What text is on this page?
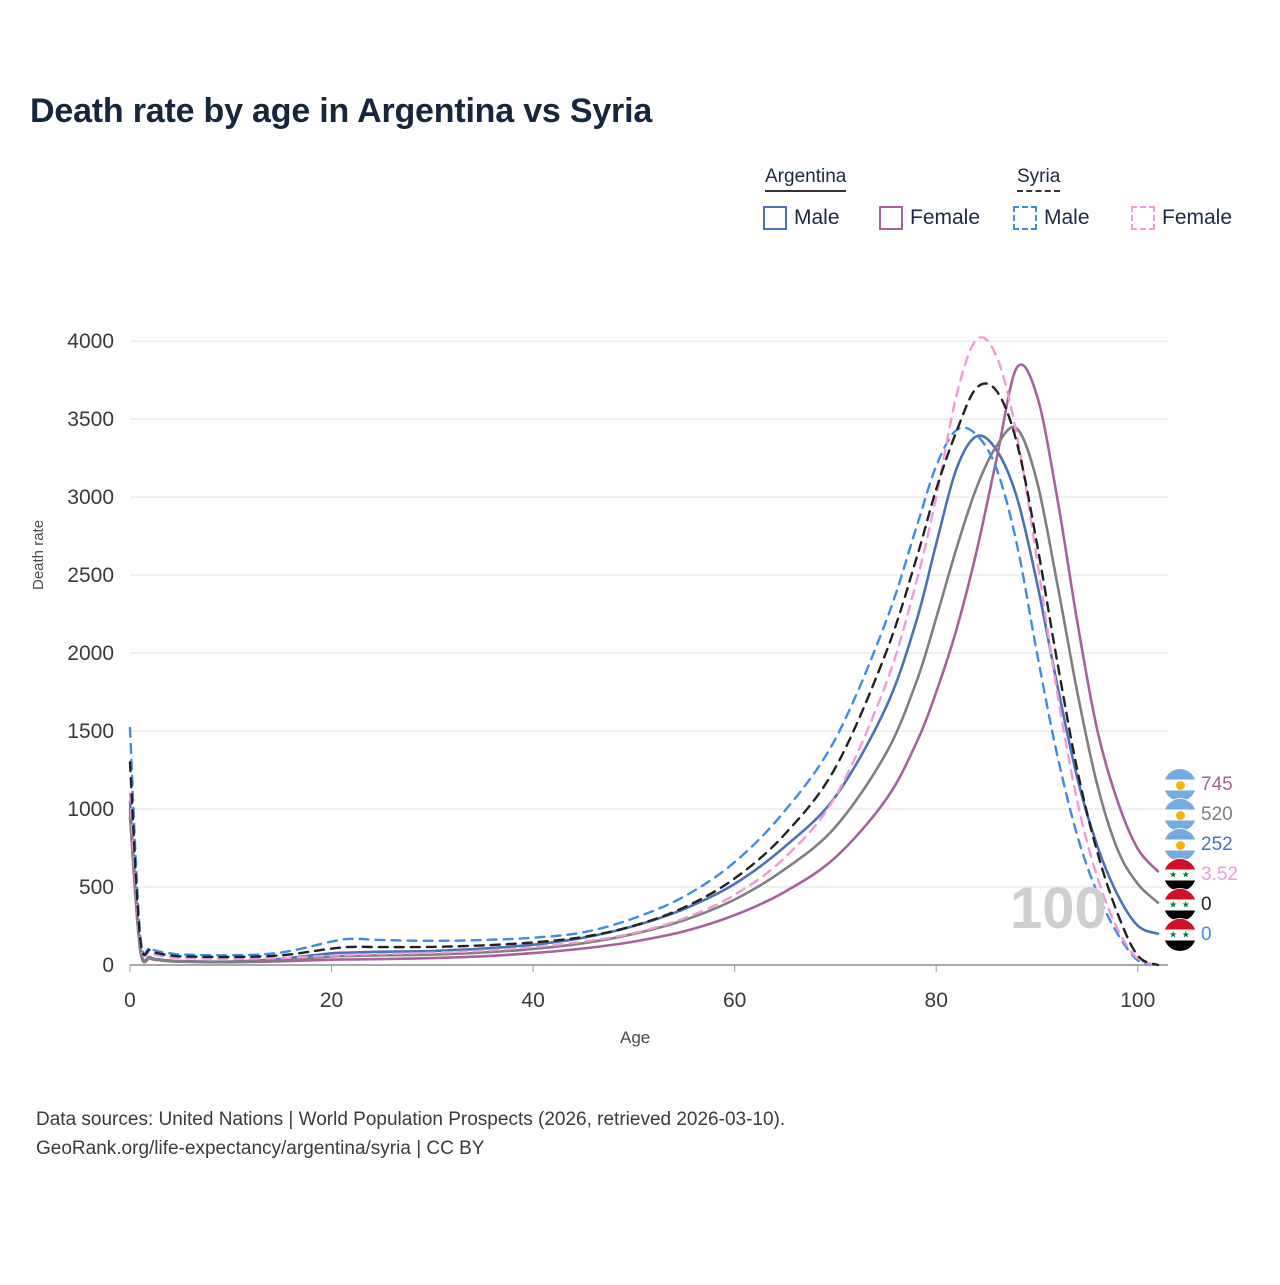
Death rate by age in Argentina vs Syria
Argentina	Syria
Male	Female	Male	Female
100
0
500
1000
1500
2000
2500
3000
3500
4000
0	20	40	60	80	100
Death rate
Age
745
520
252
★ ★
3.52
★ ★
0
★ ★
0
Data sources: United Nations | World Population Prospects (2026, retrieved 2026-03-10).
GeoRank.org/life-expectancy/argentina/syria | CC BY
